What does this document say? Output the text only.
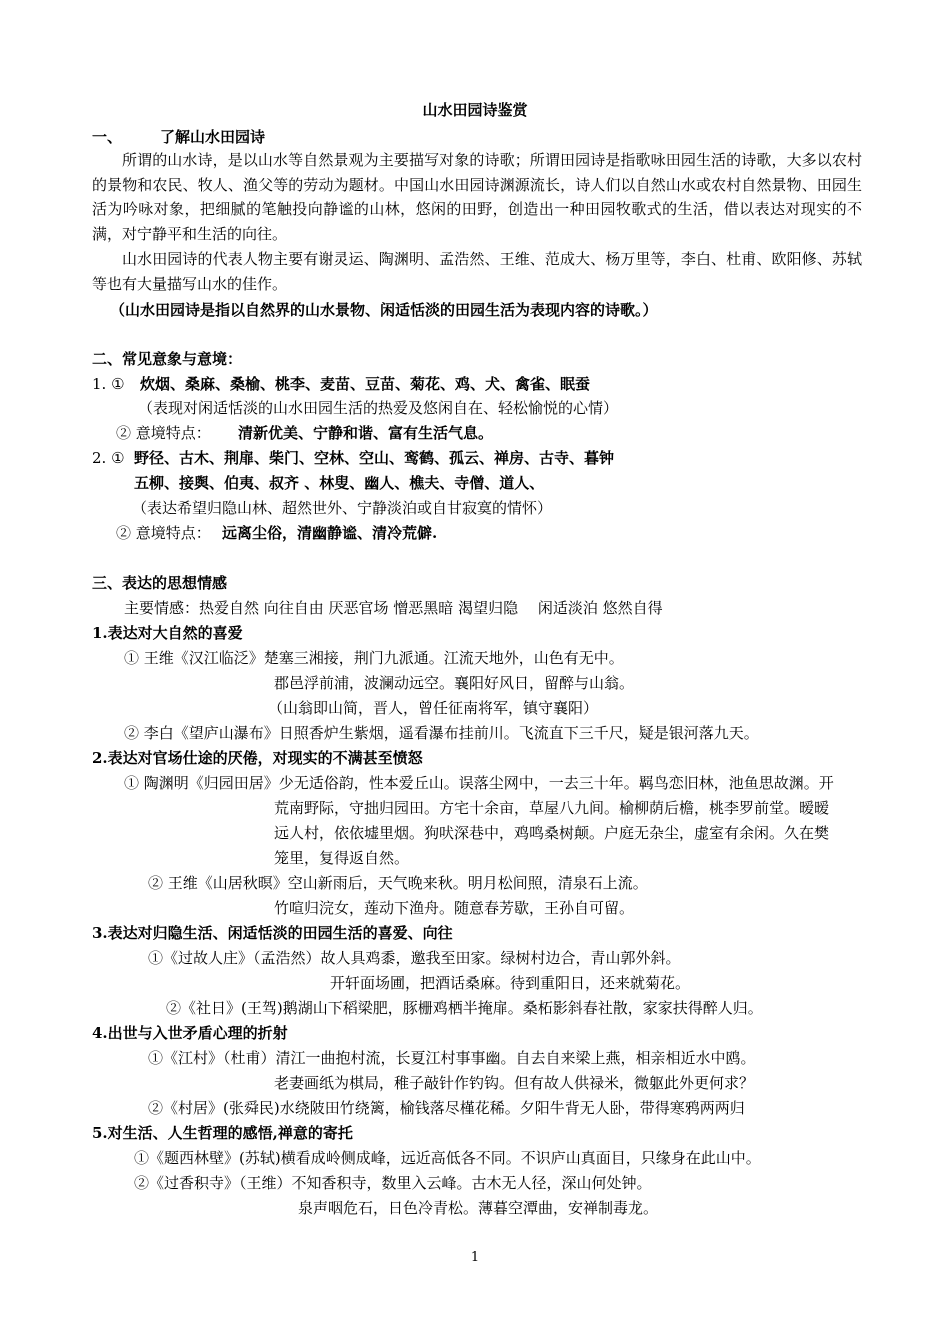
山水田园诗鉴赏
一、	了解山水田园诗
所谓的山水诗，是以山水等自然景观为主要描写对象的诗歌；所谓田园诗是指歌咏田园生活的诗歌，大多以农村的景物和农民、牧人、渔父等的劳动为题材。中国山水田园诗渊源流长，诗人们以自然山水或农村自然景物、田园生活为吟咏对象，把细腻的笔触投向静谧的山林，悠闲的田野，创造出一种田园牧歌式的生活，借以表达对现实的不满，对宁静平和生活的向往。
山水田园诗的代表人物主要有谢灵运、陶渊明、孟浩然、王维、范成大、杨万里等，李白、杜甫、欧阳修、苏轼等也有大量描写山水的佳作。
（山水田园诗是指以自然界的山水景物、闲适恬淡的田园生活为表现内容的诗歌。）
二、常见意象与意境：
1. ① 炊烟、桑麻、桑榆、桃李、麦苗、豆苗、菊花、鸡、犬、禽雀、眠蚕
（表现对闲适恬淡的山水田园生活的热爱及悠闲自在、轻松愉悦的心情）
② 意境特点： 清新优美、宁静和谐、富有生活气息。
2. ① 野径、古木、荆扉、柴门、空林、空山、鸾鹤、孤云、禅房、古寺、暮钟
五柳、接舆、伯夷、叔齐 、林叟、幽人、樵夫、寺僧、道人、
（表达希望归隐山林、超然世外、宁静淡泊或自甘寂寞的情怀）
② 意境特点： 远离尘俗，清幽静谧、清冷荒僻.
三、表达的思想情感
主要情感：热爱自然 向往自由 厌恶官场 憎恶黑暗 渴望归隐　 闲适淡泊 悠然自得
1.表达对大自然的喜爱
① 王维《汉江临泛》楚塞三湘接，荆门九派通。江流天地外，山色有无中。
郡邑浮前浦，波澜动远空。襄阳好风日，留醉与山翁。
（山翁即山简，晋人，曾任征南将军，镇守襄阳）
② 李白《望庐山瀑布》日照香炉生紫烟，遥看瀑布挂前川。飞流直下三千尺，疑是银河落九天。
2.表达对官场仕途的厌倦，对现实的不满甚至愤怒
① 陶渊明《归园田居》少无适俗韵，性本爱丘山。误落尘网中，一去三十年。羁鸟恋旧林，池鱼思故渊。开
荒南野际，守拙归园田。方宅十余亩，草屋八九间。榆柳荫后檐，桃李罗前堂。暧暧
远人村，依依墟里烟。狗吠深巷中，鸡鸣桑树颠。户庭无杂尘，虚室有余闲。久在樊
笼里，复得返自然。
② 王维《山居秋暝》空山新雨后，天气晚来秋。明月松间照，清泉石上流。
竹喧归浣女，莲动下渔舟。随意春芳歇，王孙自可留。
3.表达对归隐生活、闲适恬淡的田园生活的喜爱、向往
①《过故人庄》（孟浩然）故人具鸡黍，邀我至田家。绿树村边合，青山郭外斜。
开轩面场圃，把酒话桑麻。待到重阳日，还来就菊花。
②《社日》(王驾)鹅湖山下稻梁肥，豚栅鸡栖半掩扉。桑柘影斜春社散，家家扶得醉人归。
4.出世与入世矛盾心理的折射
①《江村》（杜甫）清江一曲抱村流，长夏江村事事幽。自去自来梁上燕，相亲相近水中鸥。
老妻画纸为棋局，稚子敲针作钓钩。但有故人供禄米，微躯此外更何求？
②《村居》(张舜民)水绕陂田竹绕篱，榆钱落尽槿花稀。夕阳牛背无人卧，带得寒鸦两两归
5.对生活、人生哲理的感悟,禅意的寄托
①《题西林壁》(苏轼)横看成岭侧成峰，远近高低各不同。不识庐山真面目，只缘身在此山中。
②《过香积寺》（王维）不知香积寺，数里入云峰。古木无人径，深山何处钟。
泉声咽危石，日色冷青松。薄暮空潭曲，安禅制毒龙。
1
